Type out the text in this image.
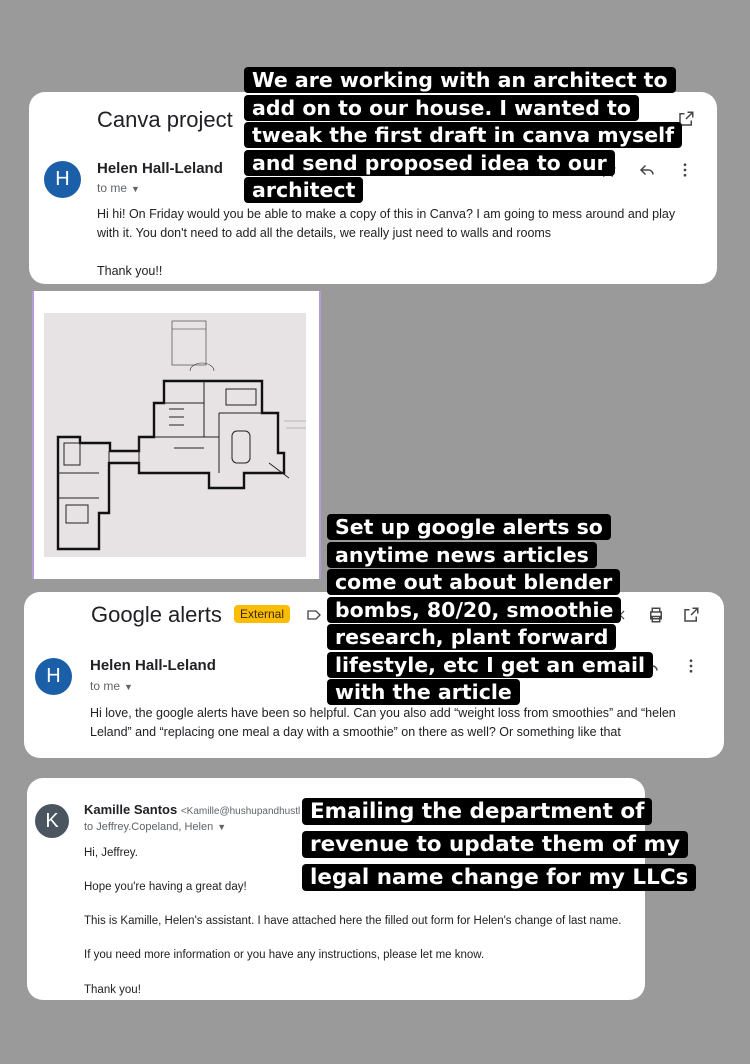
Canva project
H Helen Hall-Leland
to me ▼
Hi hi! On Friday would you be able to make a copy of this in Canva? I am going to mess around and play with it. You don't need to add all the details, we really just need to walls and rooms
Thank you!!
Google alerts	External
H Helen Hall-Leland
to me ▼
Hi love, the google alerts have been so helpful. Can you also add “weight loss from smoothies” and “helen Leland” and “replacing one meal a day with a smoothie” on there as well? Or something like that
K Kamille Santos <Kamille@hushupandhustl
to Jeffrey.Copeland, Helen ▼
Hi, Jeffrey.
Hope you're having a great day!
This is Kamille, Helen's assistant. I have attached here the filled out form for Helen's change of last name.
If you need more information or you have any instructions, please let me know.
Thank you!
We are working with an architect to add on to our house. I wanted to tweak the first draft in canva myself and send proposed idea to our architect
Set up google alerts so anytime news articles come out about blender bombs, 80/20, smoothie research, plant forward lifestyle, etc I get an email with the article
Emailing the department of revenue to update them of my legal name change for my LLCs
